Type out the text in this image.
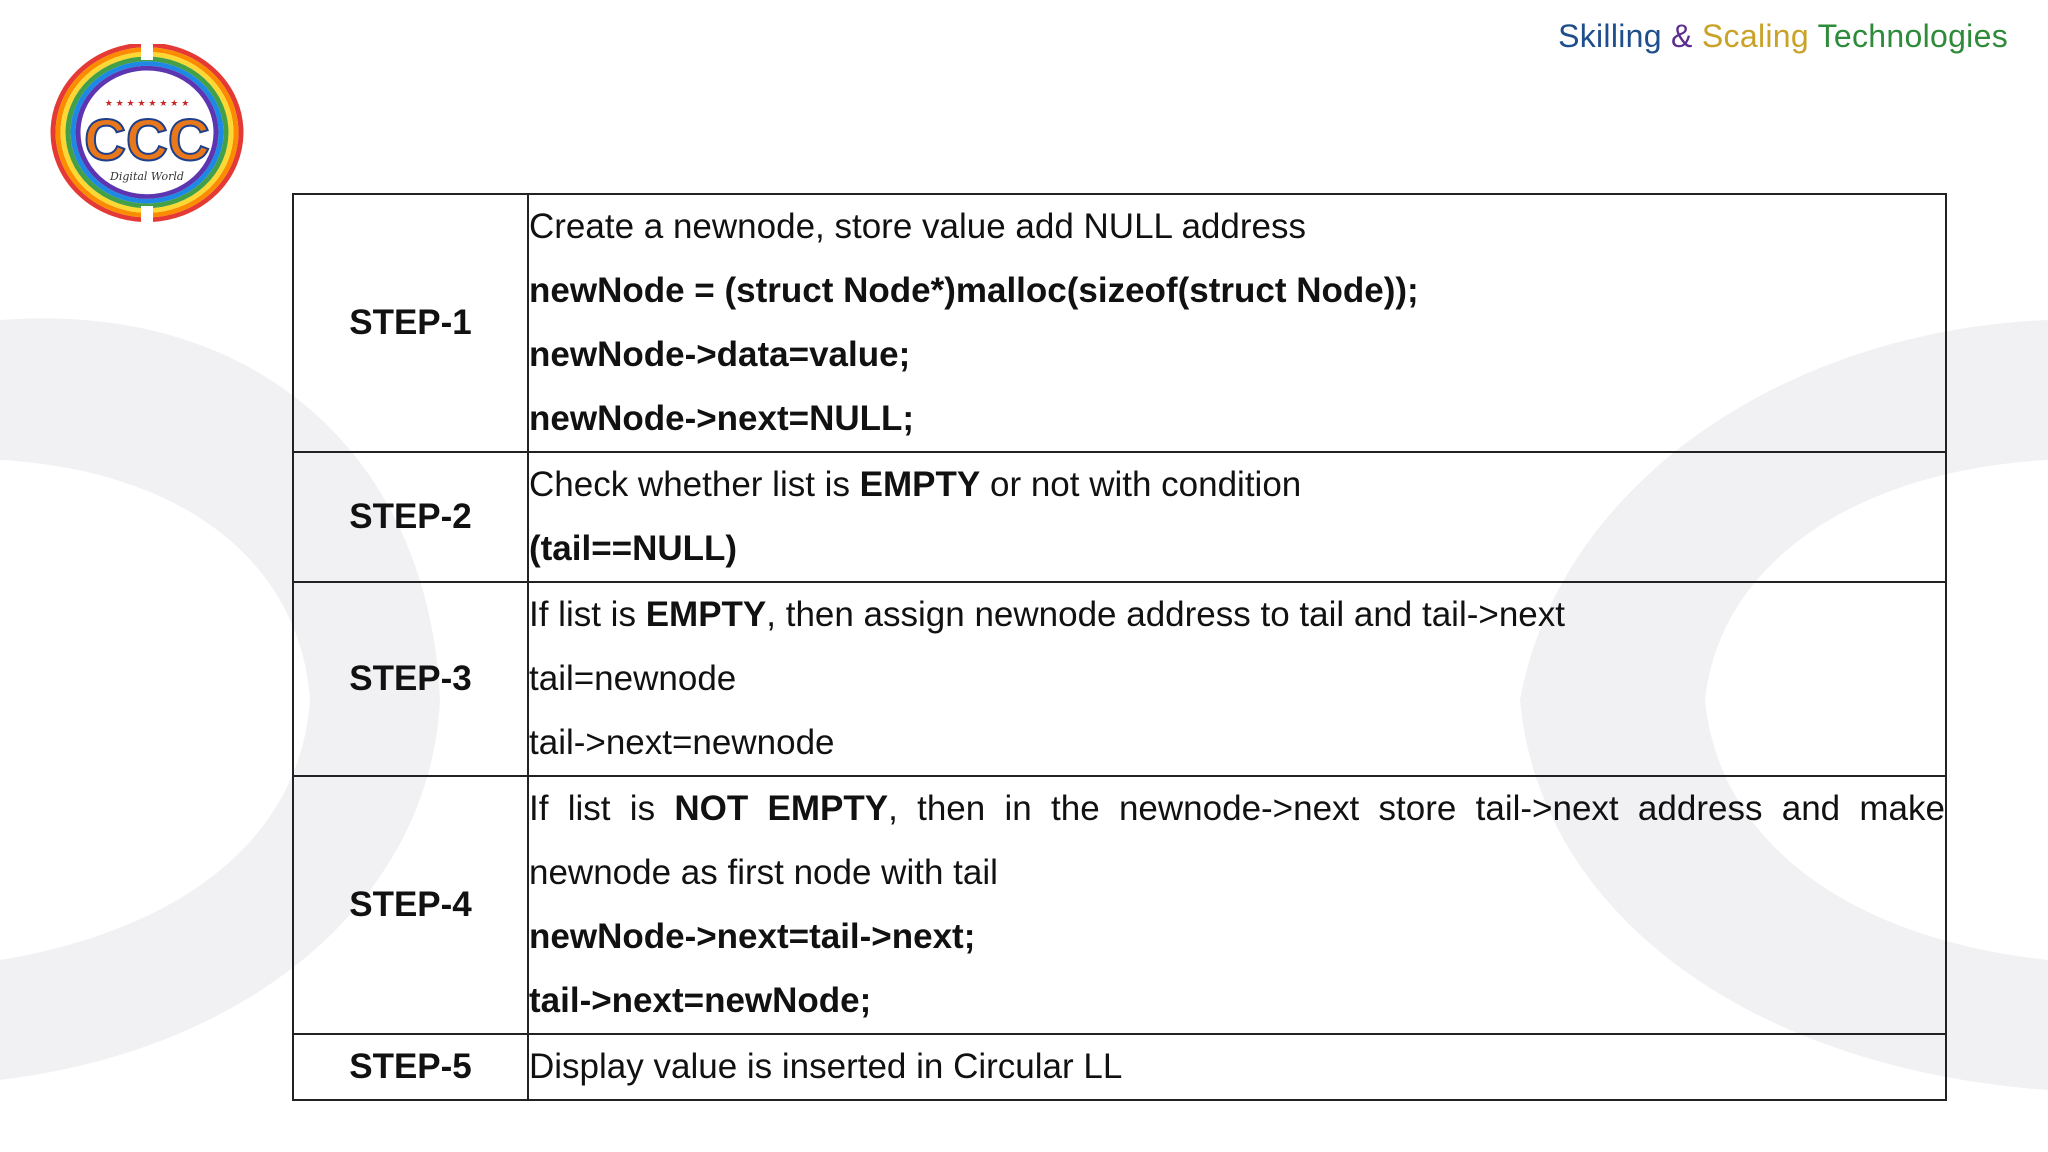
Skilling & Scaling Technologies
★ ★ ★ ★ ★ ★ ★ ★
CCC
Digital World
STEP-1	Create a newnode, store value add NULL address
newNode = (struct Node*)malloc(sizeof(struct Node));
newNode->data=value;
newNode->next=NULL;

STEP-2	Check whether list is EMPTY or not with condition
(tail==NULL)

STEP-3	If list is EMPTY, then assign newnode address to tail and tail->next
tail=newnode
tail->next=newnode

STEP-4	If list is NOT EMPTY, then in the newnode->next store tail->next address and make
newnode as first node with tail
newNode->next=tail->next;
tail->next=newNode;

STEP-5	Display value is inserted in Circular LL
